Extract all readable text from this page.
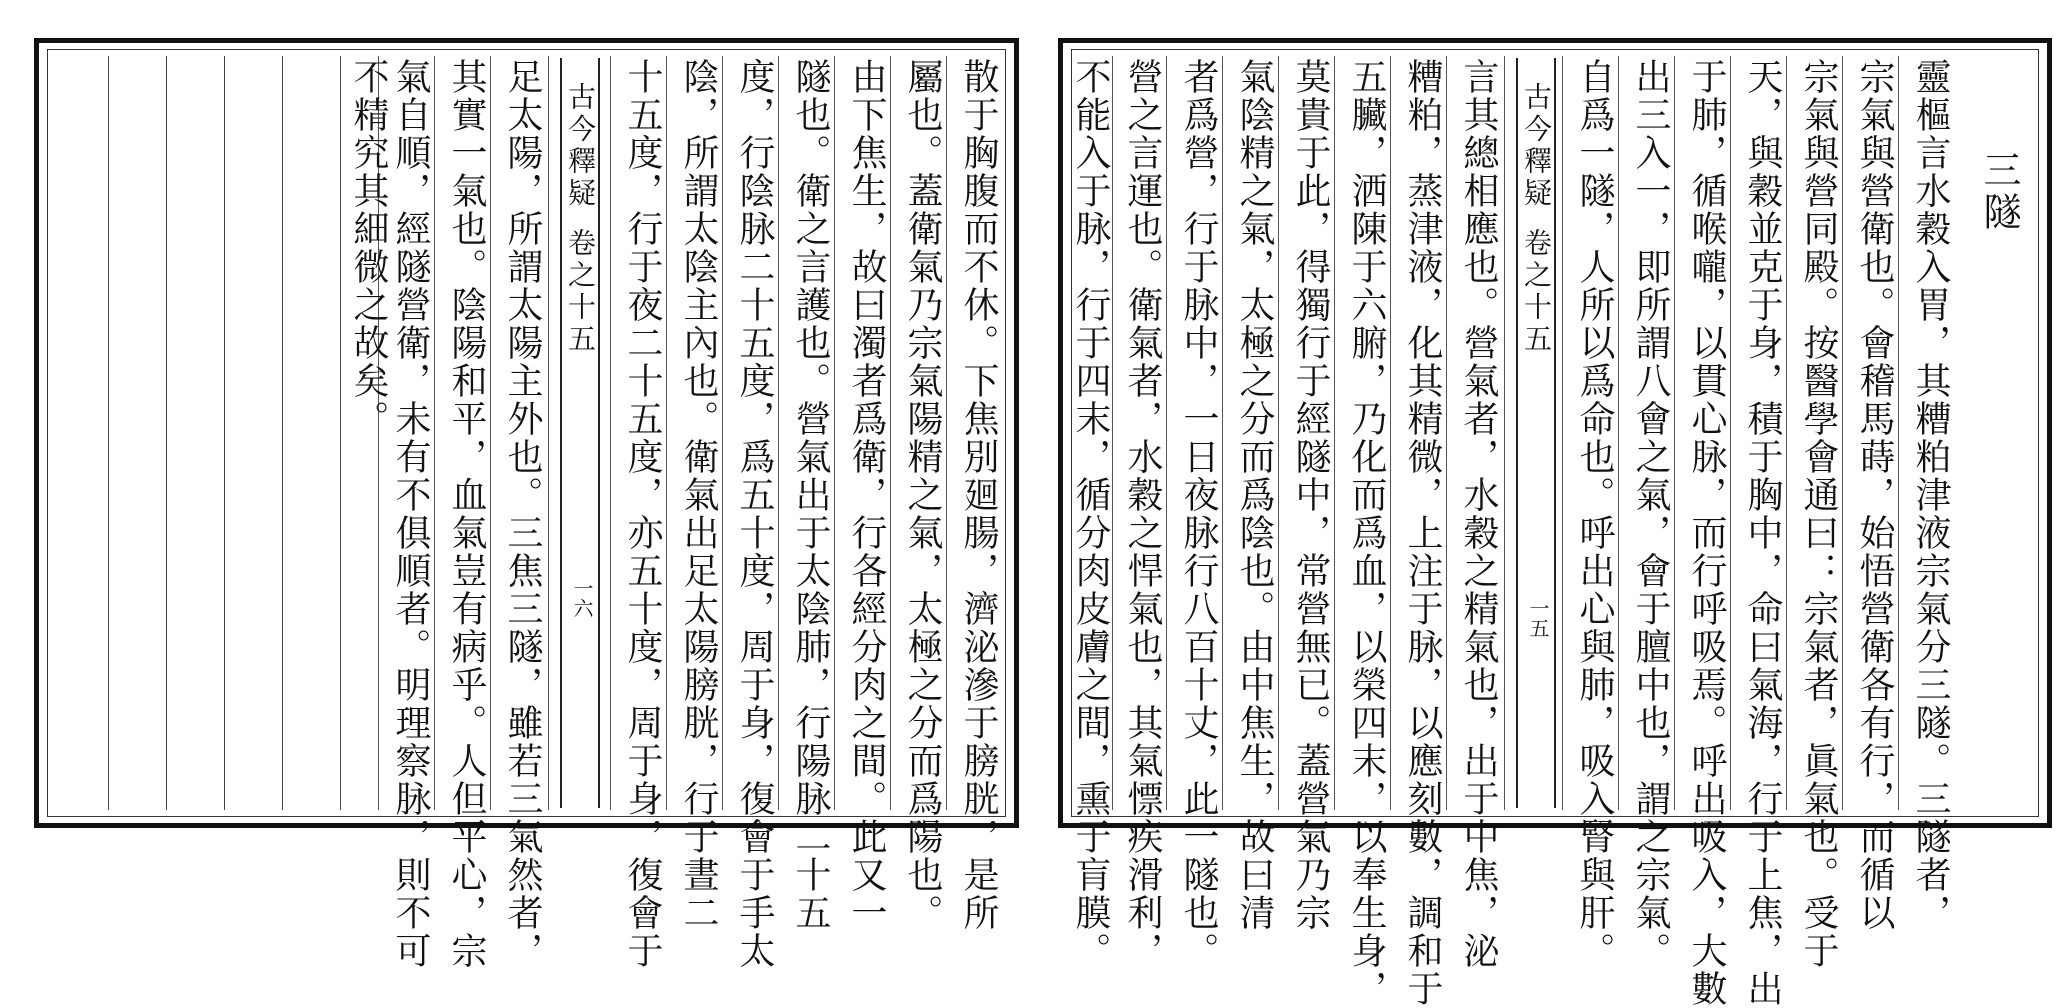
散于胸腹而不休。下焦別廻腸，濟泌滲于膀胱，是所
屬也。蓋衛氣乃宗氣陽精之氣，太極之分而爲陽也。
由下焦生，故曰濁者爲衛，行各經分肉之間。此又一
隧也。衛之言護也。營氣出于太陰肺，行陽脉二十五
度，行陰脉二十五度，爲五十度，周于身，復會于手太
陰，所謂太陰主內也。衛氣出足太陽膀胱，行于晝二
十五度，行于夜二十五度，亦五十度，周于身，復會于
古今釋疑
卷之十五
一六
足太陽，所謂太陽主外也。三焦三隧，雖若三氣然者，
其實一氣也。陰陽和平，血氣豈有病乎。人但平心，宗
氣自順，經隧營衛，未有不俱順者。明理察脉，則不可
不精究其細微之故矣。	三隧
靈樞言水穀入胃，其糟粕津液宗氣分三隧。三隧者，
宗氣與營衛也。會稽馬蒔，始悟營衛各有行，而循以
宗氣與營同殿。按醫學會通曰：宗氣者，眞氣也。受于
天，與穀並克于身，積于胸中，命曰氣海，行于上焦，出
于肺，循喉嚨，以貫心脉，而行呼吸焉。呼出吸入，大數
出三入一，即所謂八會之氣，會于膻中也，謂之宗氣。
自爲一隧，人所以爲命也。呼出心與肺，吸入腎與肝。
古今釋疑
卷之十五
一五
言其總相應也。營氣者，水穀之精氣也，出于中焦，泌
糟粕，蒸津液，化其精微，上注于脉，以應刻數，調和于
五臟，洒陳于六腑，乃化而爲血，以榮四末，以奉生身，
莫貴于此，得獨行于經隧中，常營無已。蓋營氣乃宗
氣陰精之氣，太極之分而爲陰也。由中焦生，故曰清
者爲營，行于脉中，一日夜脉行八百十丈，此一隧也。
營之言運也。衛氣者，水穀之悍氣也，其氣慓疾滑利，
不能入于脉，行于四末，循分肉皮膚之間，熏于肓膜。
